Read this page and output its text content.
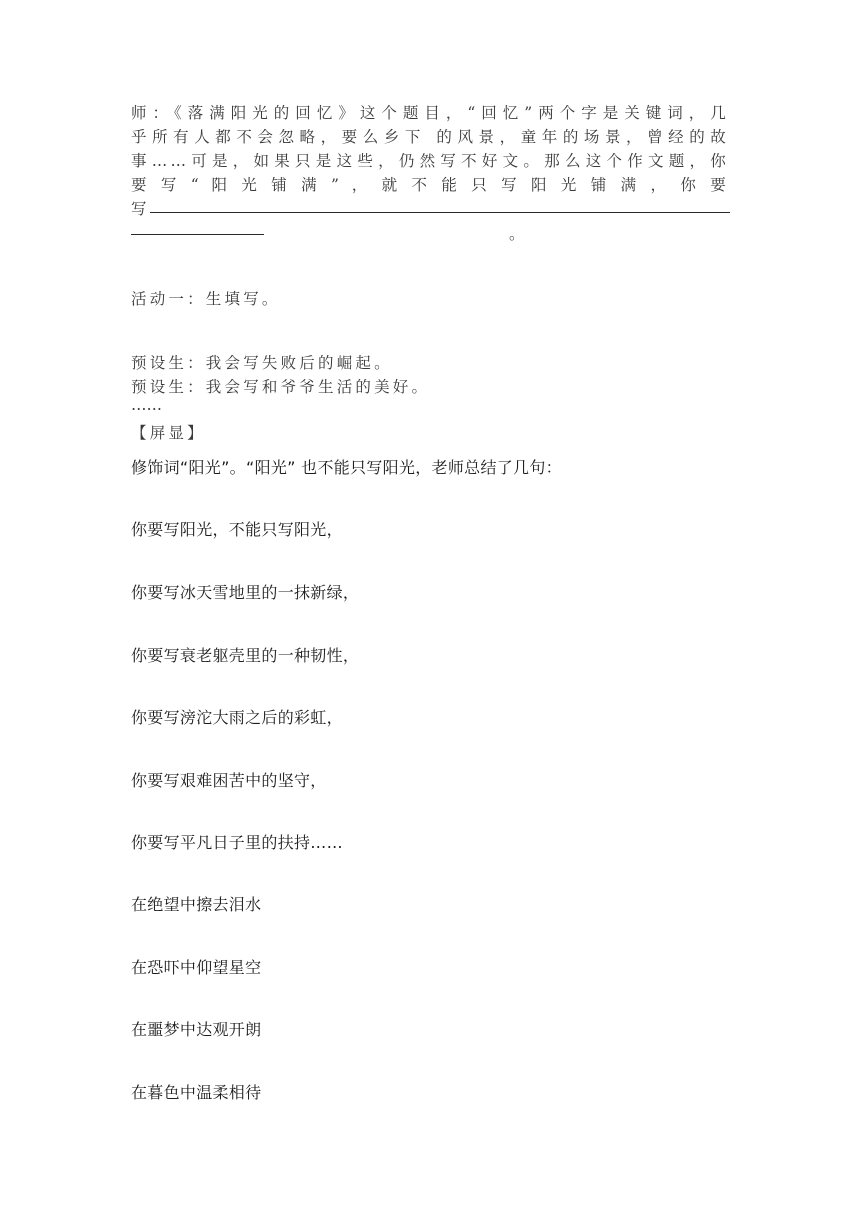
师：《落满阳光的回忆》这个题目，“回忆”两个字是关键词，几
乎所有人都不会忽略，要么乡下 的风景，童年的场景，曾经的故
事……可是，如果只是这些，仍然写不好文。那么这个作文题，你
要 写 “ 阳 光 铺 满 ” ， 就 不 能 只 写 阳 光 铺 满 ， 你 要
写
。
活动一：生填写。
预设生：我会写失败后的崛起。
预设生：我会写和爷爷生活的美好。
……
【屏显】
修饰词“阳光”。“阳光” 也不能只写阳光，老师总结了几句：
你要写阳光，不能只写阳光，
你要写冰天雪地里的一抹新绿，
你要写衰老躯壳里的一种韧性，
你要写滂沱大雨之后的彩虹，
你要写艰难困苦中的坚守，
你要写平凡日子里的扶持……
在绝望中擦去泪水
在恐吓中仰望星空
在噩梦中达观开朗
在暮色中温柔相待
